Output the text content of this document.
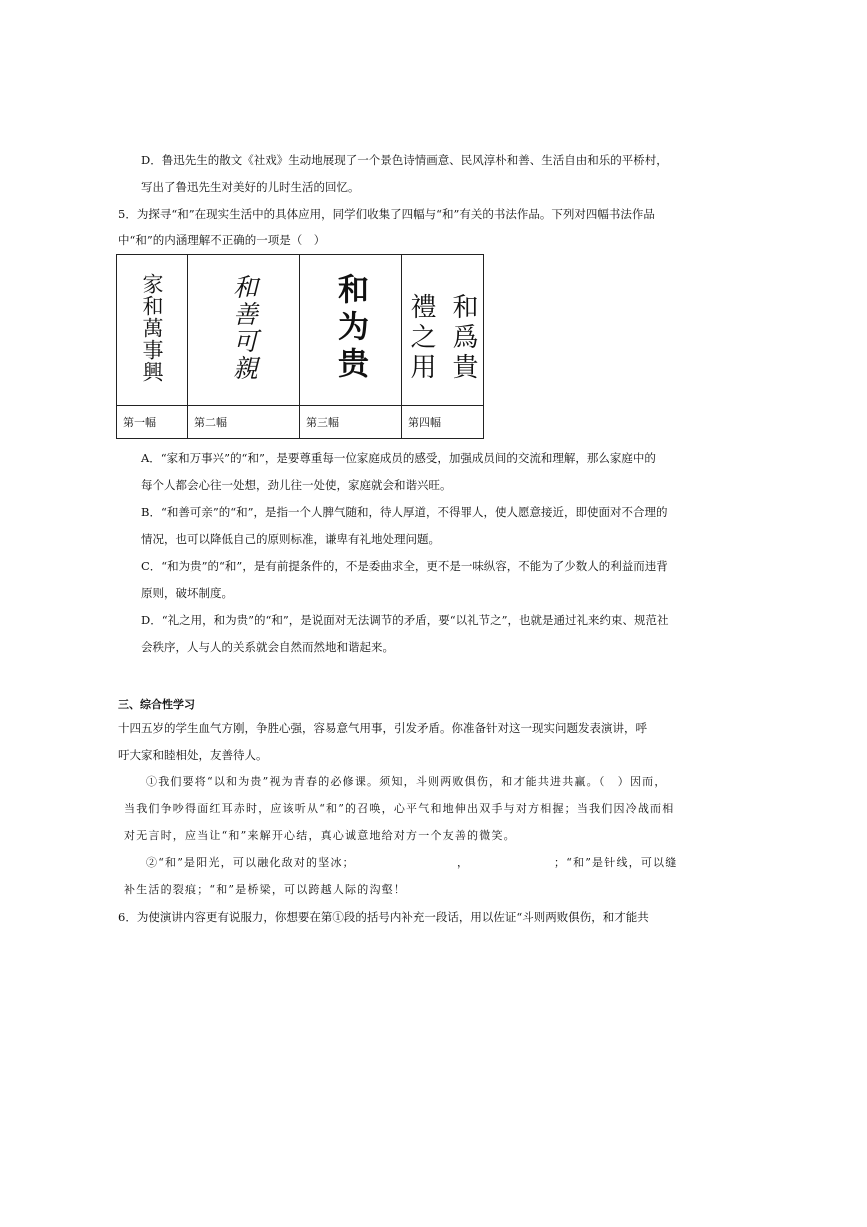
D．鲁迅先生的散文《社戏》生动地展现了一个景色诗情画意、民风淳朴和善、生活自由和乐的平桥村，
写出了鲁迅先生对美好的儿时生活的回忆。
5．为探寻“和”在现实生活中的具体应用，同学们收集了四幅与“和”有关的书法作品。下列对四幅书法作品
中“和”的内涵理解不正确的一项是（　）
家和萬事興	和善可親	和为贵	禮之用 和爲貴
第一幅	第二幅	第三幅	第四幅
A．“家和万事兴”的“和”，是要尊重每一位家庭成员的感受，加强成员间的交流和理解，那么家庭中的
每个人都会心往一处想，劲儿往一处使，家庭就会和谐兴旺。
B．“和善可亲”的“和”，是指一个人脾气随和，待人厚道，不得罪人，使人愿意接近，即使面对不合理的
情况，也可以降低自己的原则标准，谦卑有礼地处理问题。
C．“和为贵”的“和”，是有前提条件的，不是委曲求全，更不是一味纵容，不能为了少数人的利益而违背
原则，破坏制度。
D．“礼之用，和为贵”的“和”，是说面对无法调节的矛盾，要“以礼节之”，也就是通过礼来约束、规范社
会秩序，人与人的关系就会自然而然地和谐起来。
三、综合性学习
十四五岁的学生血气方刚，争胜心强，容易意气用事，引发矛盾。你准备针对这一现实问题发表演讲，呼
吁大家和睦相处，友善待人。
①我们要将“以和为贵”视为青春的必修课。须知，斗则两败俱伤，和才能共进共赢。（　）因而，
当我们争吵得面红耳赤时，应该听从“和”的召唤，心平气和地伸出双手与对方相握；当我们因冷战而相
对无言时，应当让“和”来解开心结，真心诚意地给对方一个友善的微笑。
②“和”是阳光，可以融化敌对的坚冰；	，	；“和”是针线，可以缝
补生活的裂痕；“和”是桥梁，可以跨越人际的沟壑！
6．为使演讲内容更有说服力，你想要在第①段的括号内补充一段话，用以佐证“斗则两败俱伤，和才能共
